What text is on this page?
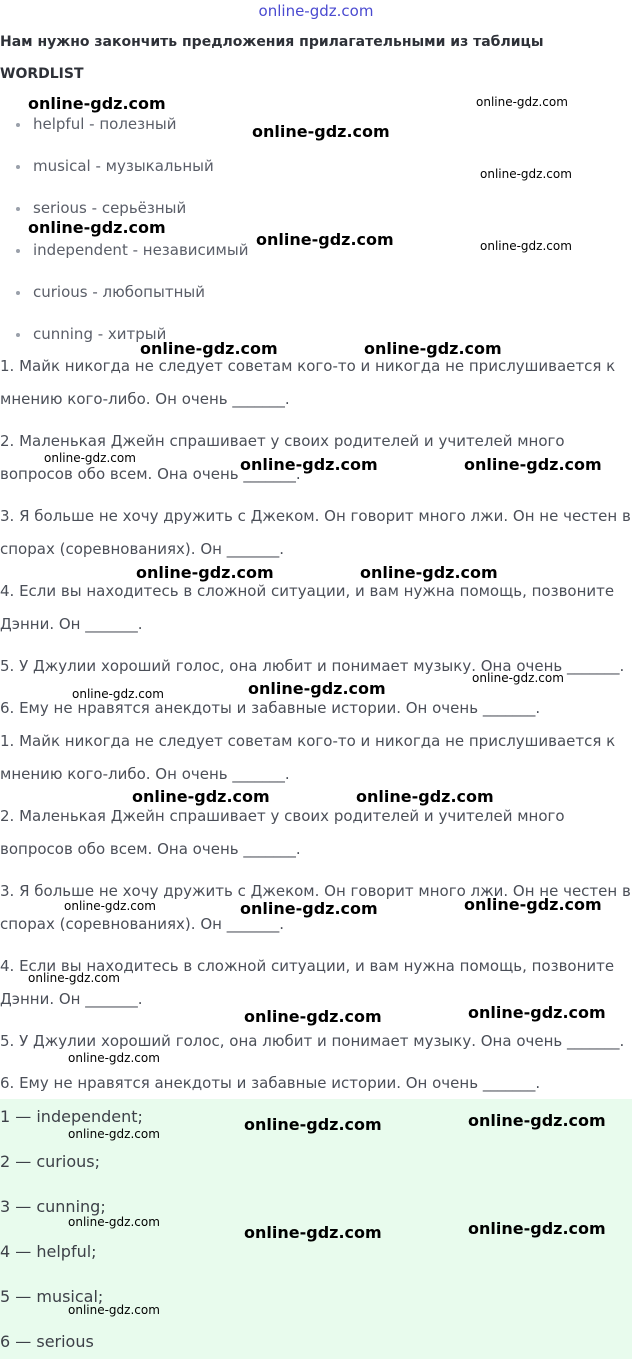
online-gdz.com
Нам нужно закончить предложения прилагательными из таблицы
WORDLIST
helpful - полезный
musical - музыкальный
serious - серьёзный
independent - независимый
curious - любопытный
cunning - хитрый
1. Майк никогда не следует советам кого-то и никогда не прислушивается к
мнению кого-либо. Он очень _______.
2. Маленькая Джейн спрашивает у своих родителей и учителей много
вопросов обо всем. Она очень _______.
3. Я больше не хочу дружить с Джеком. Он говорит много лжи. Он не честен в
спорах (соревнованиях). Он _______.
4. Если вы находитесь в сложной ситуации, и вам нужна помощь, позвоните
Дэнни. Он _______.
5. У Джулии хороший голос, она любит и понимает музыку. Она очень _______.
6. Ему не нравятся анекдоты и забавные истории. Он очень _______.
1. Майк никогда не следует советам кого-то и никогда не прислушивается к
мнению кого-либо. Он очень _______.
2. Маленькая Джейн спрашивает у своих родителей и учителей много
вопросов обо всем. Она очень _______.
3. Я больше не хочу дружить с Джеком. Он говорит много лжи. Он не честен в
спорах (соревнованиях). Он _______.
4. Если вы находитесь в сложной ситуации, и вам нужна помощь, позвоните
Дэнни. Он _______.
5. У Джулии хороший голос, она любит и понимает музыку. Она очень _______.
6. Ему не нравятся анекдоты и забавные истории. Он очень _______.
1 — independent;
2 — curious;
3 — cunning;
4 — helpful;
5 — musical;
6 — serious
online-gdz.com	online-gdz.com
online-gdz.com
online-gdz.com
online-gdz.com
online-gdz.com	online-gdz.com
online-gdz.com	online-gdz.com
online-gdz.com	online-gdz.com	online-gdz.com
online-gdz.com	online-gdz.com
online-gdz.com
online-gdz.com	online-gdz.com
online-gdz.com	online-gdz.com
online-gdz.com	online-gdz.com	online-gdz.com
online-gdz.com
online-gdz.com	online-gdz.com
online-gdz.com
online-gdz.com	online-gdz.com	online-gdz.com
online-gdz.com
online-gdz.com	online-gdz.com
online-gdz.com
